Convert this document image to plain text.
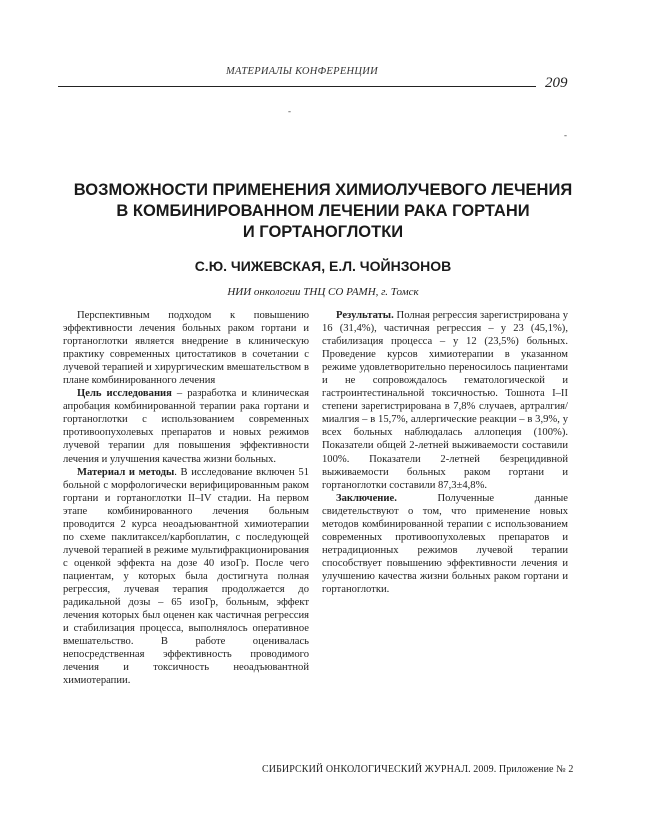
МАТЕРИАЛЫ КОНФЕРЕНЦИИ
209
-
-
ВОЗМОЖНОСТИ ПРИМЕНЕНИЯ ХИМИОЛУЧЕВОГО ЛЕЧЕНИЯ
В КОМБИНИРОВАННОМ ЛЕЧЕНИИ РАКА ГОРТАНИ
И ГОРТАНОГЛОТКИ
С.Ю. ЧИЖЕВСКАЯ, Е.Л. ЧОЙНЗОНОВ
НИИ онкологии ТНЦ СО РАМН, г. Томск

Перспективным подходом к повышению эффективности лечения больных раком гортани и гортаноглотки является внедрение в клиническую практику современных цитостатиков в сочетании с лучевой терапией и хирургическим вмешательством в плане комбинированного лечения

Цель исследования – разработка и клиническая апробация комбинированной терапии рака гортани и гортаноглотки с использованием современных противоопухолевых препаратов и новых режимов лучевой терапии для повышения эффективности лечения и улучшения качества жизни больных.

Материал и методы. В исследование включен 51 больной с морфологически верифицированным раком гортани и гортаноглотки II–IV стадии. На первом этапе комбинированного лечения больным проводится 2 курса неоадъювантной химиотерапии по схеме паклитаксел/карбоплатин, с последующей лучевой терапией в режиме мультифракционирования с оценкой эффекта на дозе 40 изоГр. После чего пациентам, у которых была достигнута полная регрессия, лучевая терапия продолжается до радикальной дозы – 65 изоГр, больным, эффект лечения которых был оценен как частичная регрессия и стабилизация процесса, выполнялось оперативное вмешательство. В работе оценивалась непосредственная эффективность проводимого лечения и токсичность неоадъювантной химиотерапии.

Результаты. Полная регрессия зарегистрирована у 16 (31,4%), частичная регрессия – у 23 (45,1%), стабилизация процесса – у 12 (23,5%) больных. Проведение курсов химиотерапии в указанном режиме удовлетворительно переносилось пациентами и не сопровождалось гематологической и гастроинтестинальной токсичностью. Тошнота I–II степени зарегистрирована в 7,8% случаев, артралгия/миалгия – в 15,7%, аллергические реакции – в 3,9%, у всех больных наблюдалась аллопеция (100%). Показатели общей 2-летней выживаемости составили 100%. Показатели 2-летней безрецидивной выживаемости больных раком гортани и гортаноглотки составили 87,3±4,8%.

Заключение. Полученные данные свидетельствуют о том, что применение новых методов комбинированной терапии с использованием современных противоопухолевых препаратов и нетрадиционных режимов лучевой терапии способствует повышению эффективности лечения и улучшению качества жизни больных раком гортани и гортаноглотки.

СИБИРСКИЙ ОНКОЛОГИЧЕСКИЙ ЖУРНАЛ. 2009. Приложение № 2
